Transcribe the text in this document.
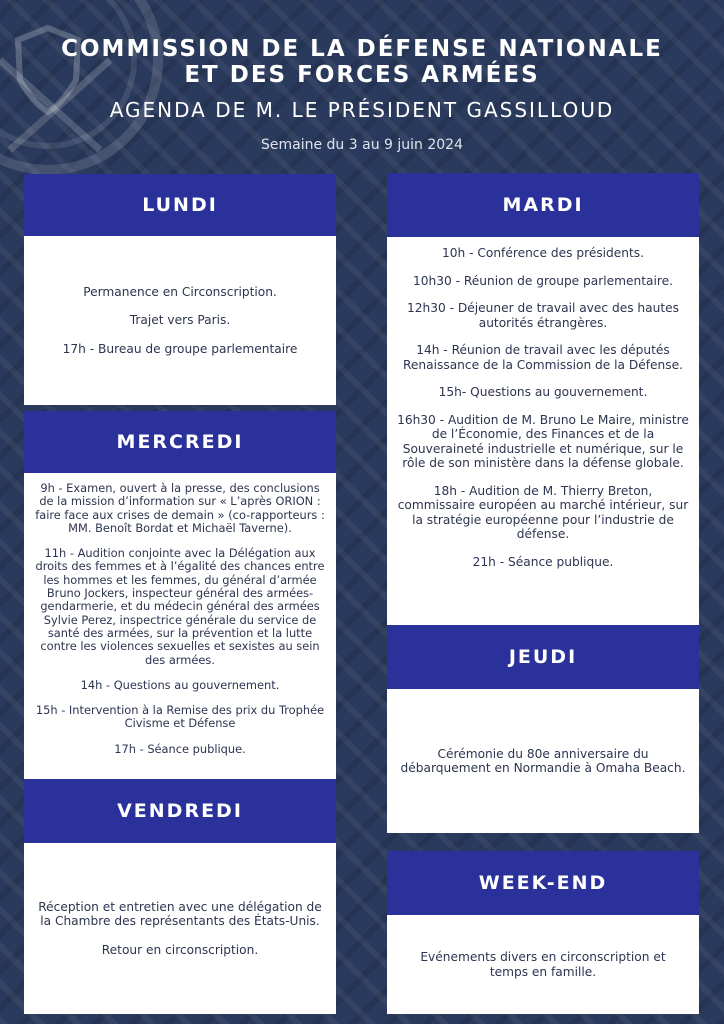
COMMISSION DE LA DÉFENSE NATIONALE
ET DES FORCES ARMÉES
AGENDA DE M. LE PRÉSIDENT GASSILLOUD
Semaine du 3 au 9 juin 2024
LUNDI

Permanence en Circonscription.

Trajet vers Paris.

17h - Bureau de groupe parlementaire

MERCREDI

9h - Examen, ouvert à la presse, des conclusions de la mission d’information sur « L’après ORION : faire face aux crises de demain » (co-rapporteurs : MM. Benoît Bordat et Michaël Taverne).

11h - Audition conjointe avec la Délégation aux droits des femmes et à l’égalité des chances entre les hommes et les femmes, du général d’armée Bruno Jockers, inspecteur général des armées-gendarmerie, et du médecin général des armées Sylvie Perez, inspectrice générale du service de santé des armées, sur la prévention et la lutte contre les violences sexuelles et sexistes au sein des armées.

14h - Questions au gouvernement.

15h - Intervention à la Remise des prix du Trophée Civisme et Défense

17h - Séance publique.

VENDREDI

Réception et entretien avec une délégation de la Chambre des représentants des États-Unis.

Retour en circonscription.

MARDI

10h - Conférence des présidents.

10h30 - Réunion de groupe parlementaire.

12h30 - Déjeuner de travail avec des hautes autorités étrangères.

14h - Réunion de travail avec les députés Renaissance de la Commission de la Défense.

15h- Questions au gouvernement.

16h30 - Audition de M. Bruno Le Maire, ministre de l’Économie, des Finances et de la Souveraineté industrielle et numérique, sur le rôle de son ministère dans la défense globale.

18h - Audition de M. Thierry Breton, commissaire européen au marché intérieur, sur la stratégie européenne pour l’industrie de défense.

21h - Séance publique.

JEUDI

Cérémonie du 80e anniversaire du débarquement en Normandie à Omaha Beach.

WEEK-END

Evénements divers en circonscription et temps en famille.
